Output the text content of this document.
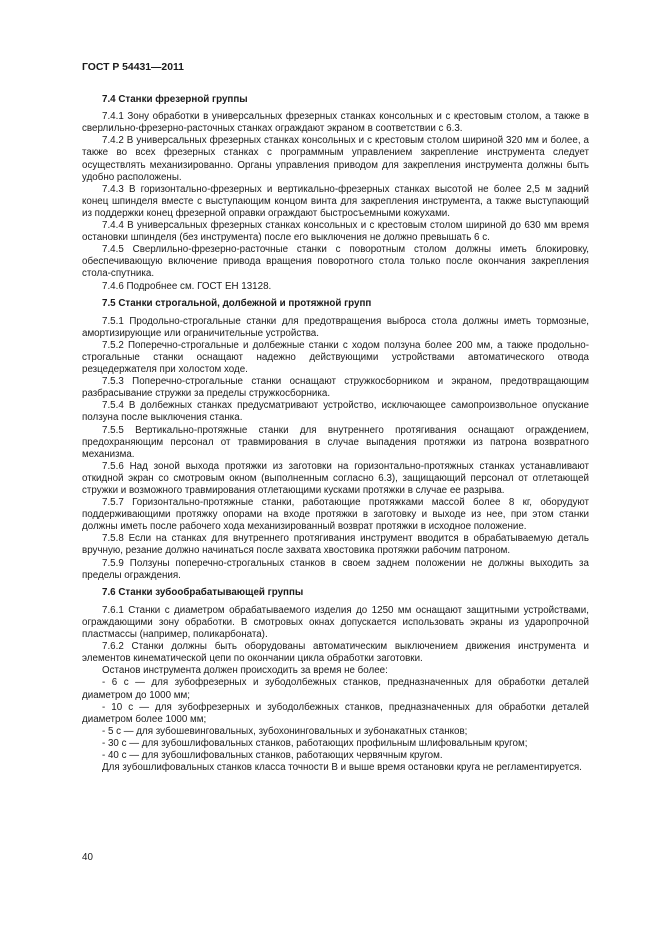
ГОСТ Р 54431—2011
7.4 Станки фрезерной группы

7.4.1 Зону обработки в универсальных фрезерных станках консольных и с крестовым столом, а также в сверлильно-фрезерно-расточных станках ограждают экраном в соответствии с 6.3.

7.4.2 В универсальных фрезерных станках консольных и с крестовым столом шириной 320 мм и более, а также во всех фрезерных станках с программным управлением закрепление инструмента следует осуществлять механизированно. Органы управления приводом для закрепления инструмента должны быть удобно расположены.

7.4.3 В горизонтально-фрезерных и вертикально-фрезерных станках высотой не более 2,5 м задний конец шпинделя вместе с выступающим концом винта для закрепления инструмента, а также выступающий из поддержки конец фрезерной оправки ограждают быстросъемными кожухами.

7.4.4 В универсальных фрезерных станках консольных и с крестовым столом шириной до 630 мм время остановки шпинделя (без инструмента) после его выключения не должно превышать 6 с.

7.4.5 Сверлильно-фрезерно-расточные станки с поворотным столом должны иметь блокировку, обеспечивающую включение привода вращения поворотного стола только после окончания закрепления стола-спутника.

7.4.6 Подробнее см. ГОСТ ЕН 13128.

7.5 Станки строгальной, долбежной и протяжной групп

7.5.1 Продольно-строгальные станки для предотвращения выброса стола должны иметь тормозные, амортизирующие или ограничительные устройства.

7.5.2 Поперечно-строгальные и долбежные станки с ходом ползуна более 200 мм, а также продольно-строгальные станки оснащают надежно действующими устройствами автоматического отвода резцедержателя при холостом ходе.

7.5.3 Поперечно-строгальные станки оснащают стружкосборником и экраном, предотвращающим разбрасывание стружки за пределы стружкосборника.

7.5.4 В долбежных станках предусматривают устройство, исключающее самопроизвольное опускание ползуна после выключения станка.

7.5.5 Вертикально-протяжные станки для внутреннего протягивания оснащают ограждением, предохраняющим персонал от травмирования в случае выпадения протяжки из патрона возвратного механизма.

7.5.6 Над зоной выхода протяжки из заготовки на горизонтально-протяжных станках устанавливают откидной экран со смотровым окном (выполненным согласно 6.3), защищающий персонал от отлетающей стружки и возможного травмирования отлетающими кусками протяжки в случае ее разрыва.

7.5.7 Горизонтально-протяжные станки, работающие протяжками массой более 8 кг, оборудуют поддерживающими протяжку опорами на входе протяжки в заготовку и выходе из нее, при этом станки должны иметь после рабочего хода механизированный возврат протяжки в исходное положение.

7.5.8 Если на станках для внутреннего протягивания инструмент вводится в обрабатываемую деталь вручную, резание должно начинаться после захвата хвостовика протяжки рабочим патроном.

7.5.9 Ползуны поперечно-строгальных станков в своем заднем положении не должны выходить за пределы ограждения.

7.6 Станки зубообрабатывающей группы

7.6.1 Станки с диаметром обрабатываемого изделия до 1250 мм оснащают защитными устройствами, ограждающими зону обработки. В смотровых окнах допускается использовать экраны из ударопрочной пластмассы (например, поликарбоната).

7.6.2 Станки должны быть оборудованы автоматическим выключением движения инструмента и элементов кинематической цепи по окончании цикла обработки заготовки.

Останов инструмента должен происходить за время не более:

- 6 с — для зубофрезерных и зубодолбежных станков, предназначенных для обработки деталей диаметром до 1000 мм;

- 10 с — для зубофрезерных и зубодолбежных станков, предназначенных для обработки деталей диаметром более 1000 мм;

- 5 с — для зубошевинговальных, зубохонинговальных и зубонакатных станков;

- 30 с — для зубошлифовальных станков, работающих профильным шлифовальным кругом;

- 40 с — для зубошлифовальных станков, работающих червячным кругом.

Для зубошлифовальных станков класса точности В и выше время остановки круга не регламентируется.

40
